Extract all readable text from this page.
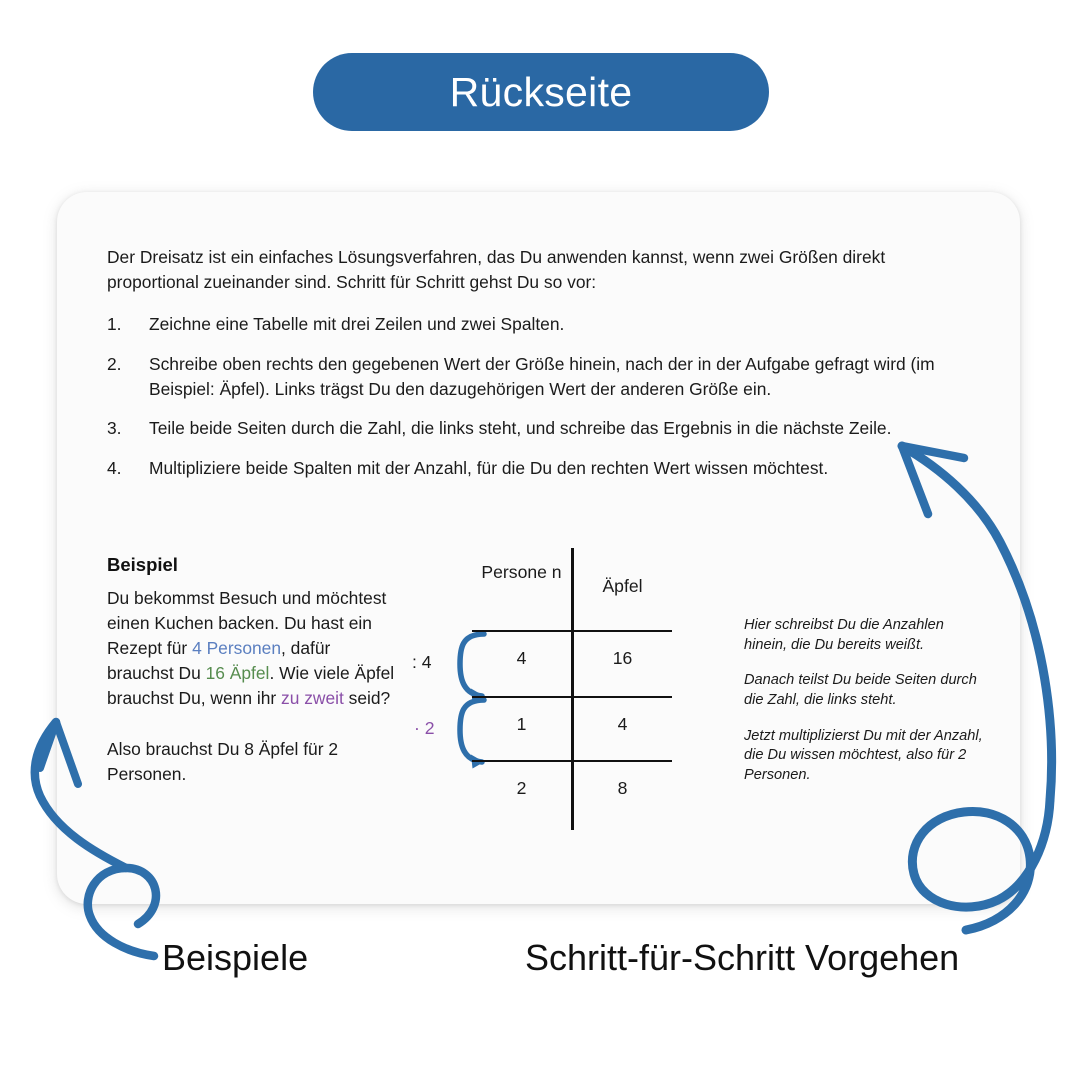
Rückseite

Der Dreisatz ist ein einfaches Lösungsverfahren, das Du anwenden kannst, wenn zwei Größen direkt proportional zueinander sind. Schritt für Schritt gehst Du so vor:

1.	Zeichne eine Tabelle mit drei Zeilen und zwei Spalten.
2.	Schreibe oben rechts den gegebenen Wert der Größe hinein, nach der in der Aufgabe gefragt wird (im Beispiel: Äpfel). Links trägst Du den dazugehörigen Wert der anderen Größe ein.
3.	Teile beide Seiten durch die Zahl, die links steht, und schreibe das Ergebnis in die nächste Zeile.
4.	Multipliziere beide Spalten mit der Anzahl, für die Du den rechten Wert wissen möchtest.
Beispiel
Du bekommst Besuch und möchtest einen Kuchen backen. Du hast ein Rezept für 4 Personen, dafür brauchst Du 16 Äpfel. Wie viele Äpfel brauchst Du, wenn ihr zu zweit seid?
Also brauchst Du 8 Äpfel für 2 Personen.
: 4
· 2
Persone n
Äpfel
4	16
1	4
2	8
Hier schreibst Du die Anzahlen hinein, die Du bereits weißt.
Danach teilst Du beide Seiten durch die Zahl, die links steht.
Jetzt multiplizierst Du mit der Anzahl, die Du wissen möchtest, also für 2 Personen.
Beispiele	Schritt-für-Schritt Vorgehen
